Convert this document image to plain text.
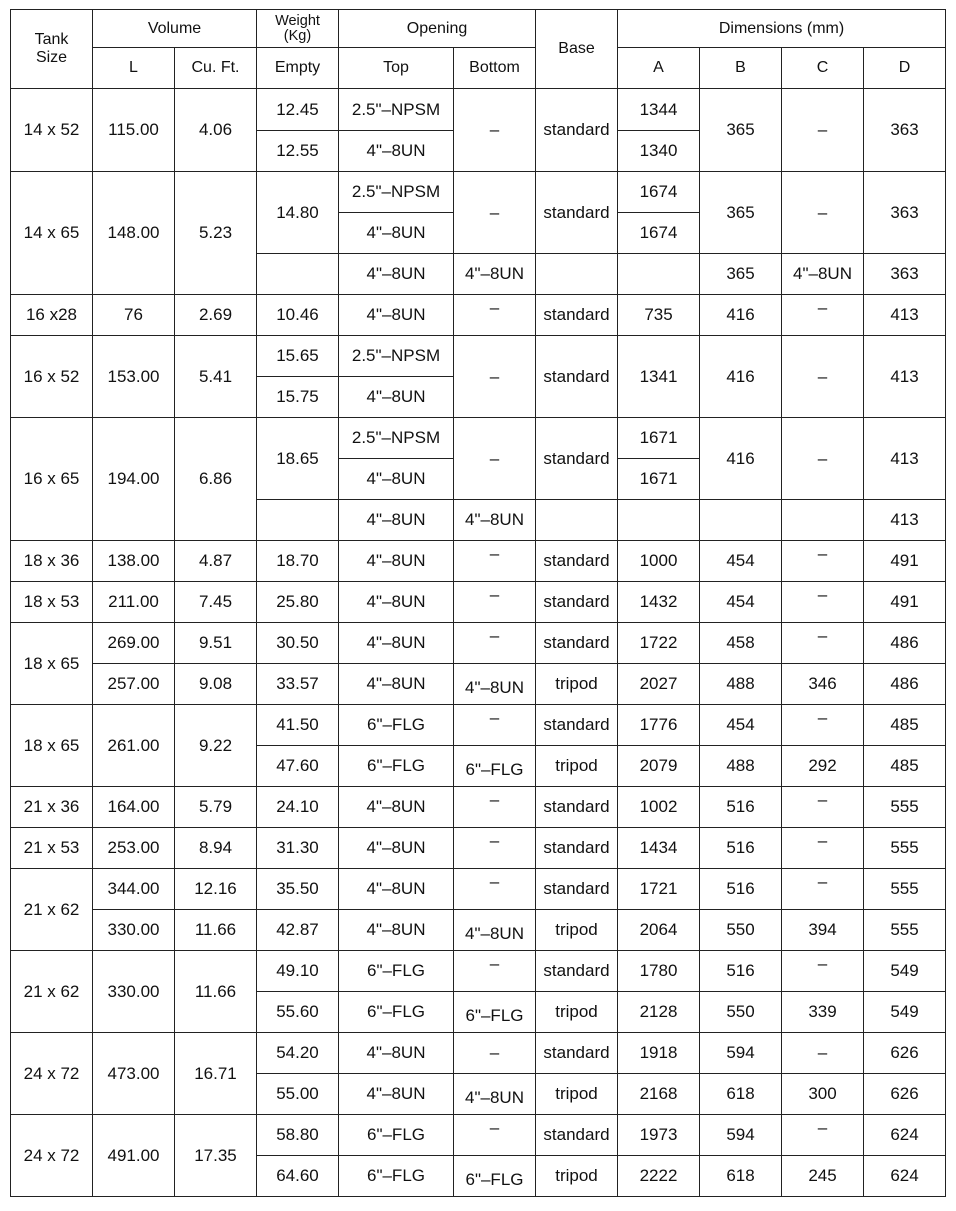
Tank Size	Volume		Weight (Kg)	Opening		Base	Dimensions (mm)			
	L	Cu. Ft.	Empty	Top	Bottom		A	B	C	D
14 x 52	115.00	4.06	12.45	2.5"–NPSM	–	standard	1344	365	–	363
			12.55	4"–8UN			1340			
14 x 65	148.00	5.23	14.80	2.5"–NPSM	–	standard	1674	365	–	363
				4"–8UN			1674			
				4"–8UN	4"–8UN			365	4"–8UN	363
16 x28	76	2.69	10.46	4"–8UN	–	standard	735	416	–	413
16 x 52	153.00	5.41	15.65	2.5"–NPSM	–	standard	1341	416	–	413
			15.75	4"–8UN						
16 x 65	194.00	6.86	18.65	2.5"–NPSM	–	standard	1671	416	–	413
				4"–8UN			1671			
				4"–8UN	4"–8UN					413
18 x 36	138.00	4.87	18.70	4"–8UN	–	standard	1000	454	–	491
18 x 53	211.00	7.45	25.80	4"–8UN	–	standard	1432	454	–	491
18 x 65	269.00	9.51	30.50	4"–8UN	–	standard	1722	458	–	486
	257.00	9.08	33.57	4"–8UN	4"–8UN	tripod	2027	488	346	486
18 x 65	261.00	9.22	41.50	6"–FLG	–	standard	1776	454	–	485
			47.60	6"–FLG	6"–FLG	tripod	2079	488	292	485
21 x 36	164.00	5.79	24.10	4"–8UN	–	standard	1002	516	–	555
21 x 53	253.00	8.94	31.30	4"–8UN	–	standard	1434	516	–	555
21 x 62	344.00	12.16	35.50	4"–8UN	–	standard	1721	516	–	555
	330.00	11.66	42.87	4"–8UN	4"–8UN	tripod	2064	550	394	555
21 x 62	330.00	11.66	49.10	6"–FLG	–	standard	1780	516	–	549
			55.60	6"–FLG	6"–FLG	tripod	2128	550	339	549
24 x 72	473.00	16.71	54.20	4"–8UN	–	standard	1918	594	–	626
			55.00	4"–8UN	4"–8UN	tripod	2168	618	300	626
24 x 72	491.00	17.35	58.80	6"–FLG	–	standard	1973	594	–	624
			64.60	6"–FLG	6"–FLG	tripod	2222	618	245	624
